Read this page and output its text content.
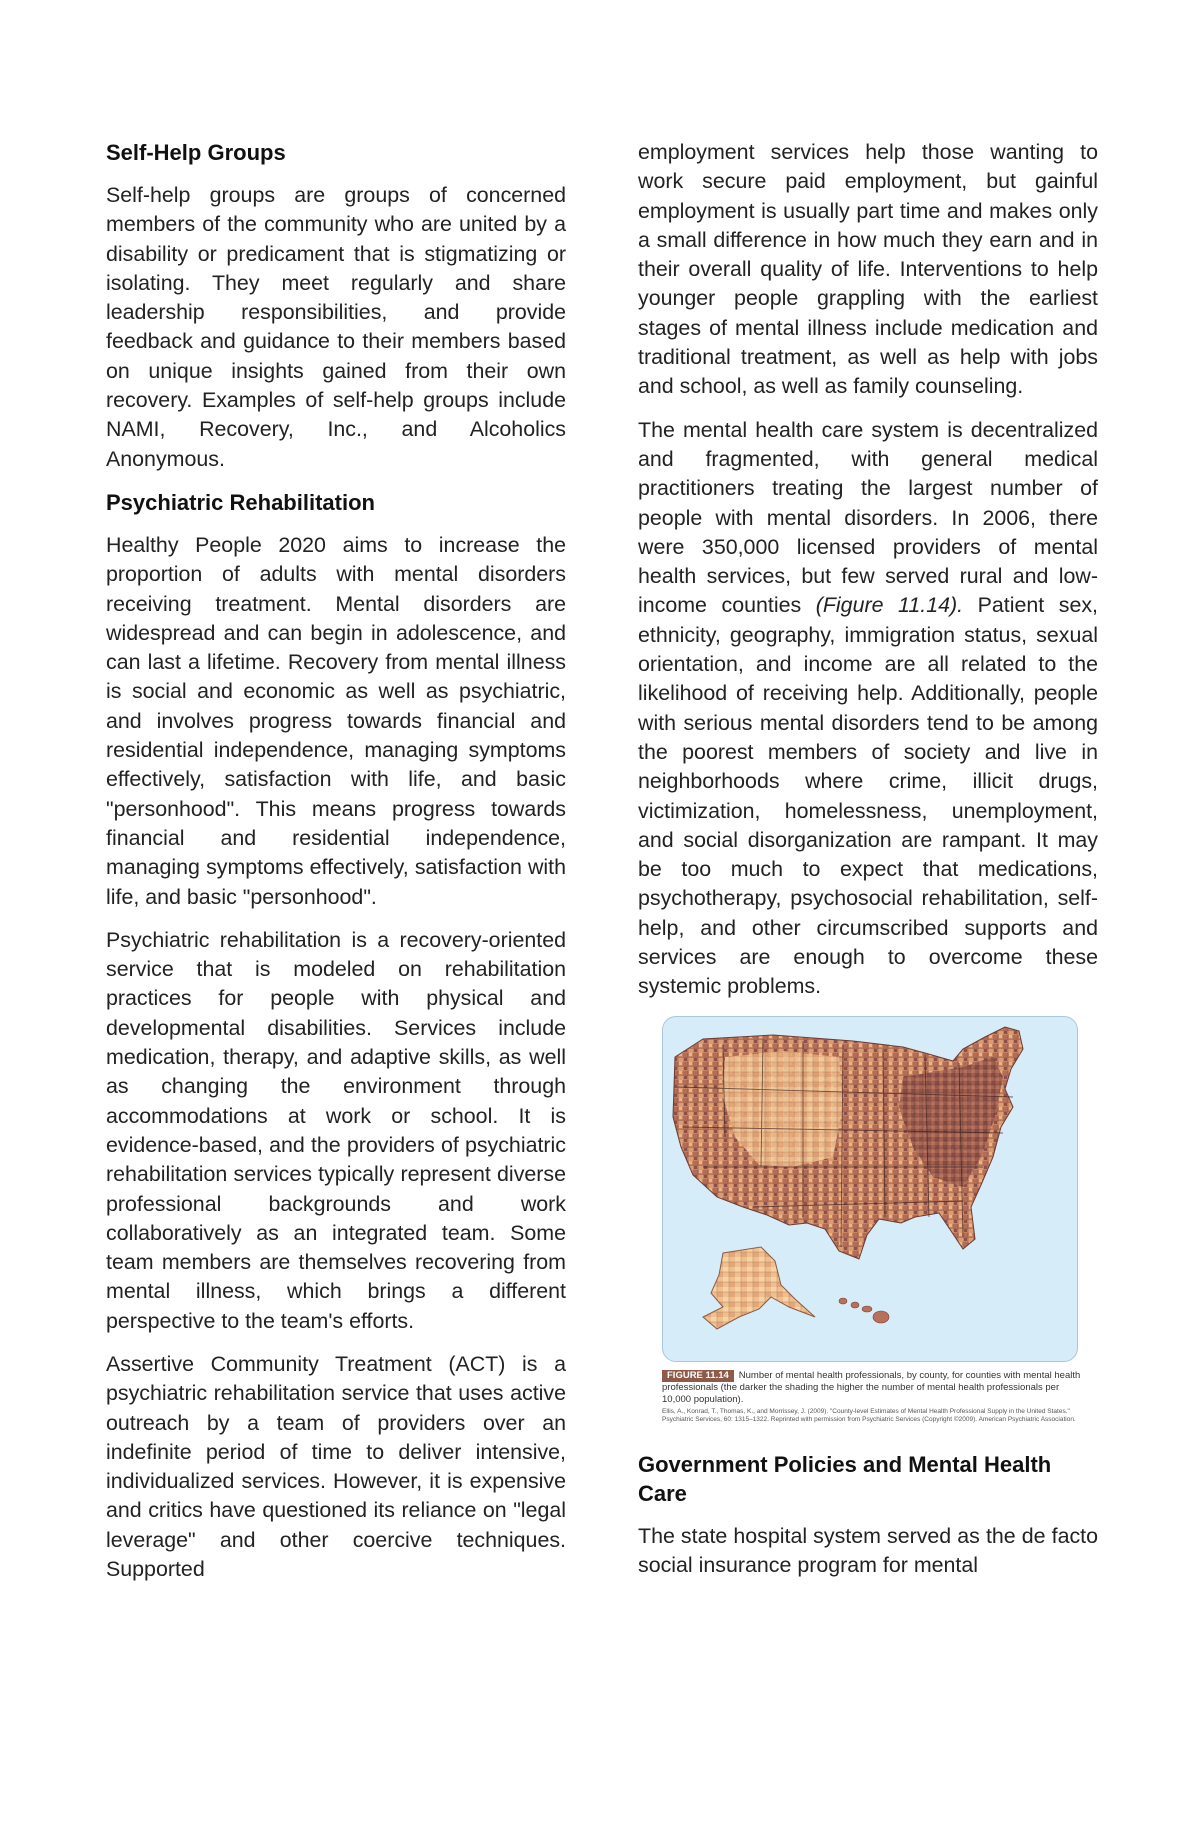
Self-Help Groups

Self-help groups are groups of concerned members of the community who are united by a disability or predicament that is stigmatizing or isolating. They meet regularly and share leadership responsibilities, and provide feedback and guidance to their members based on unique insights gained from their own recovery. Examples of self-help groups include NAMI, Recovery, Inc., and Alcoholics Anonymous.

Psychiatric Rehabilitation

Healthy People 2020 aims to increase the proportion of adults with mental disorders receiving treatment. Mental disorders are widespread and can begin in adolescence, and can last a lifetime. Recovery from mental illness is social and economic as well as psychiatric, and involves progress towards financial and residential independence, managing symptoms effectively, satisfaction with life, and basic "personhood". This means progress towards financial and residential independence, managing symptoms effectively, satisfaction with life, and basic "personhood".

Psychiatric rehabilitation is a recovery-oriented service that is modeled on rehabilitation practices for people with physical and developmental disabilities. Services include medication, therapy, and adaptive skills, as well as changing the environment through accommodations at work or school. It is evidence-based, and the providers of psychiatric rehabilitation services typically represent diverse professional backgrounds and work collaboratively as an integrated team. Some team members are themselves recovering from mental illness, which brings a different perspective to the team's efforts.

Assertive Community Treatment (ACT) is a psychiatric rehabilitation service that uses active outreach by a team of providers over an indefinite period of time to deliver intensive, individualized services. However, it is expensive and critics have questioned its reliance on "legal leverage" and other coercive techniques. Supported

employment services help those wanting to work secure paid employment, but gainful employment is usually part time and makes only a small difference in how much they earn and in their overall quality of life. Interventions to help younger people grappling with the earliest stages of mental illness include medication and traditional treatment, as well as help with jobs and school, as well as family counseling.

The mental health care system is decentralized and fragmented, with general medical practitioners treating the largest number of people with mental disorders. In 2006, there were 350,000 licensed providers of mental health services, but few served rural and low-income counties (Figure 11.14). Patient sex, ethnicity, geography, immigration status, sexual orientation, and income are all related to the likelihood of receiving help. Additionally, people with serious mental disorders tend to be among the poorest members of society and live in neighborhoods where crime, illicit drugs, victimization, homelessness, unemployment, and social disorganization are rampant. It may be too much to expect that medications, psychotherapy, psychosocial rehabilitation, self-help, and other circumscribed supports and services are enough to overcome these systemic problems.

FIGURE 11.14 Number of mental health professionals, by county, for counties with mental health professionals (the darker the shading the higher the number of mental health professionals per 10,000 population).
Ellis, A., Konrad, T., Thomas, K., and Morrissey, J. (2009). "County-level Estimates of Mental Health Professional Supply in the United States." Psychiatric Services, 60: 1315–1322. Reprinted with permission from Psychiatric Services (Copyright ©2009). American Psychiatric Association.
Government Policies and Mental Health Care

The state hospital system served as the de facto social insurance program for mental
